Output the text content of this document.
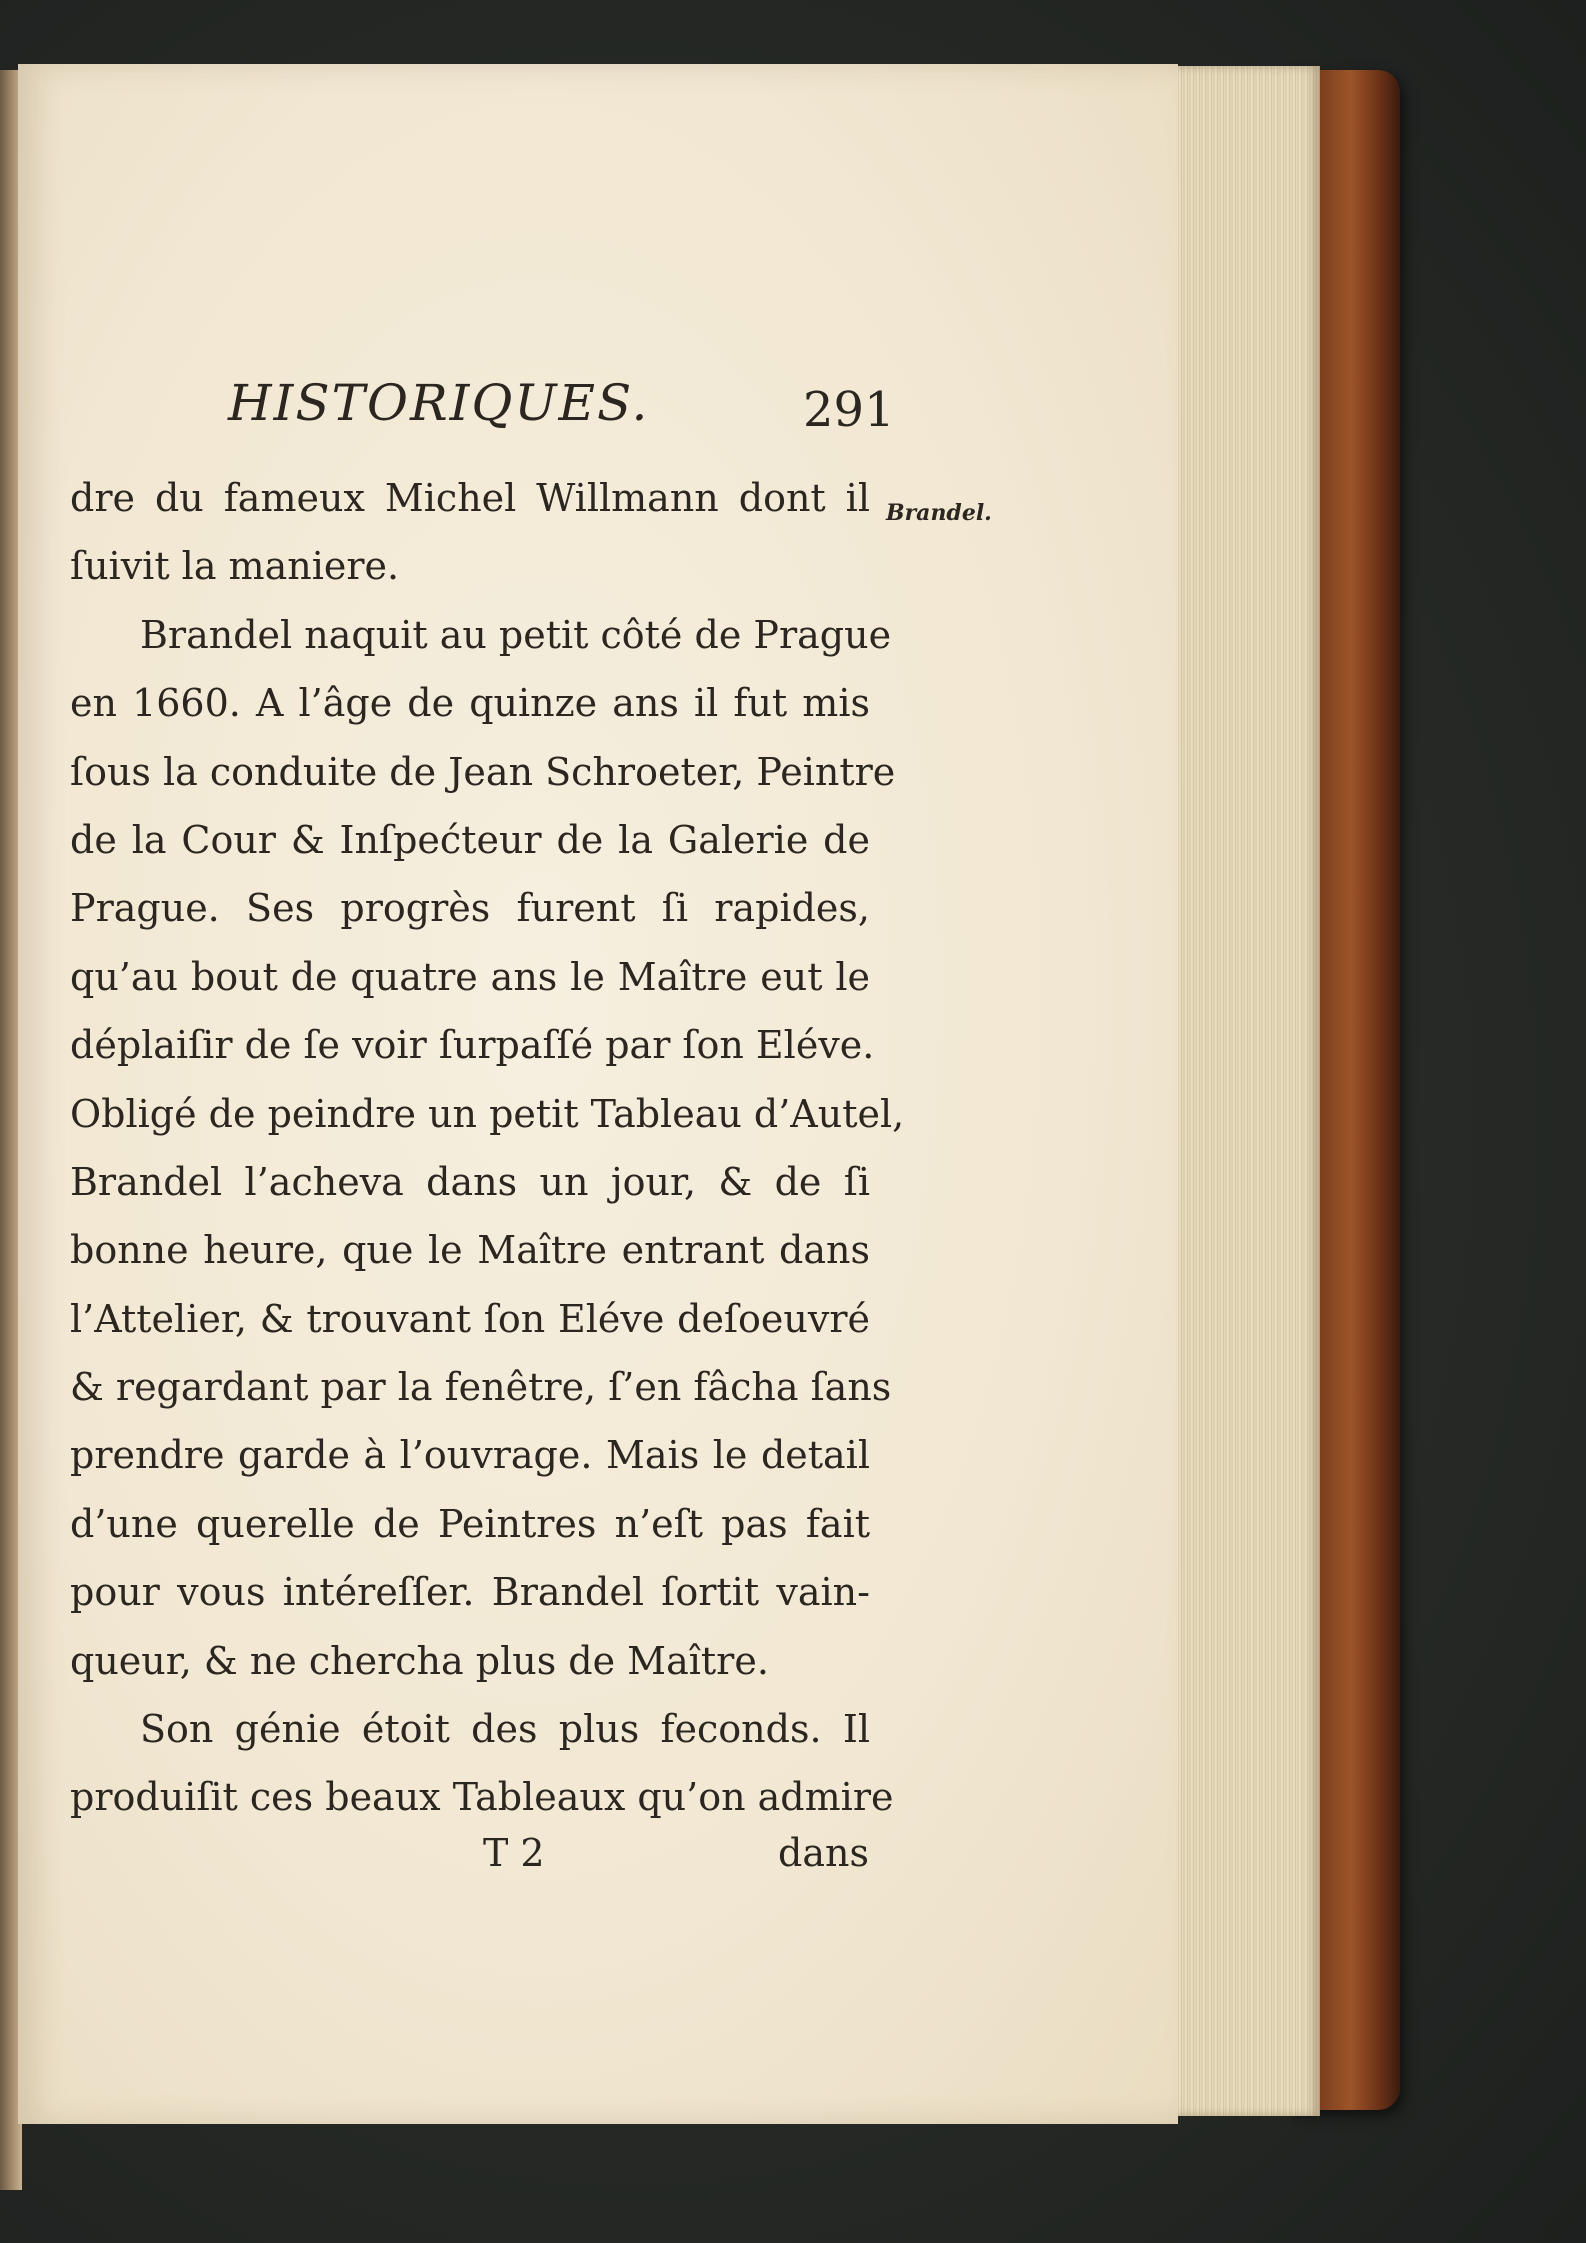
HISTORIQUES.	291
Brandel.
dre du fameux Michel Willmann dont il
ſuivit la maniere.
Brandel naquit au petit côté de Prague
en 1660. A l’âge de quinze ans il fut mis
ſous la conduite de Jean Schroeter, Peintre
de la Cour & Inſpećteur de la Galerie de
Prague. Ses progrès furent ſi rapides,
qu’au bout de quatre ans le Maître eut le
déplaiſir de ſe voir ſurpaſſé par ſon Eléve.
Obligé de peindre un petit Tableau d’Autel,
Brandel l’acheva dans un jour, & de ſi
bonne heure, que le Maître entrant dans
l’Attelier, & trouvant ſon Eléve deſoeuvré
& regardant par la fenêtre, ſ’en fâcha ſans
prendre garde à l’ouvrage. Mais le detail
d’une querelle de Peintres n’eſt pas fait
pour vous intéreſſer. Brandel ſortit vain-
queur, & ne chercha plus de Maître.
Son génie étoit des plus feconds. Il
produiſit ces beaux Tableaux qu’on admire
T 2	dans
